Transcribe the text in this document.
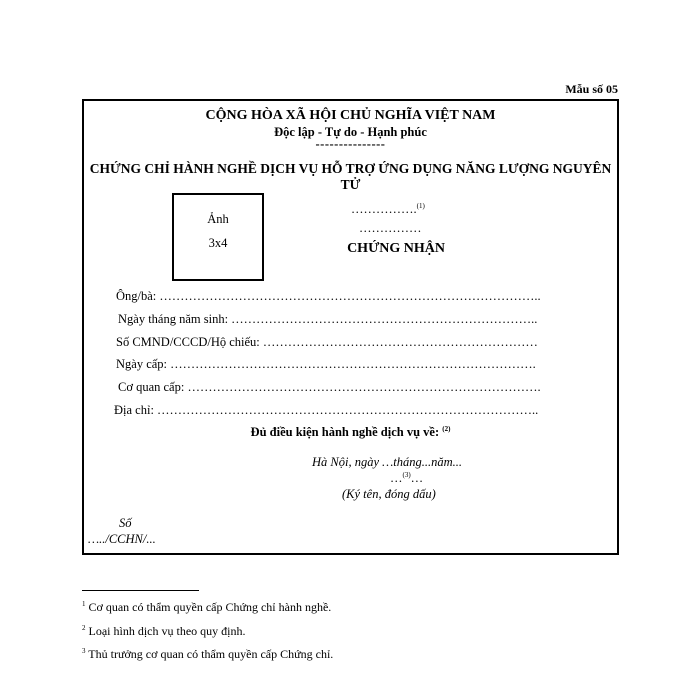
Mẫu số 05
CỘNG HÒA XÃ HỘI CHỦ NGHĨA VIỆT NAM
Độc lập - Tự do - Hạnh phúc
---------------
CHỨNG CHỈ HÀNH NGHỀ DỊCH VỤ HỖ TRỢ ỨNG DỤNG NĂNG LƯỢNG NGUYÊN TỬ
Ảnh
3x4
…………….$^{(1)}$
……………
CHỨNG NHẬN
Ông/bà: ………………………………………………………………………………..
Ngày tháng năm sinh: ………………………………………………………………..
Số CMND/CCCD/Hộ chiếu: …………………………………………………………
Ngày cấp: …………………………………………………………………………….
Cơ quan cấp: ………………………………………………………………………….
Địa chỉ: ………………………………………………………………………………..
Đủ điều kiện hành nghề dịch vụ về: $^{(2)}$
Hà Nội, ngày …tháng...năm...
…$^{(3)}$…
(Ký tên, đóng dấu)
Số
…../CCHN/...
$^1$ Cơ quan có thẩm quyền cấp Chứng chỉ hành nghề.
$^2$ Loại hình dịch vụ theo quy định.
$^3$ Thủ trưởng cơ quan có thẩm quyền cấp Chứng chỉ.
